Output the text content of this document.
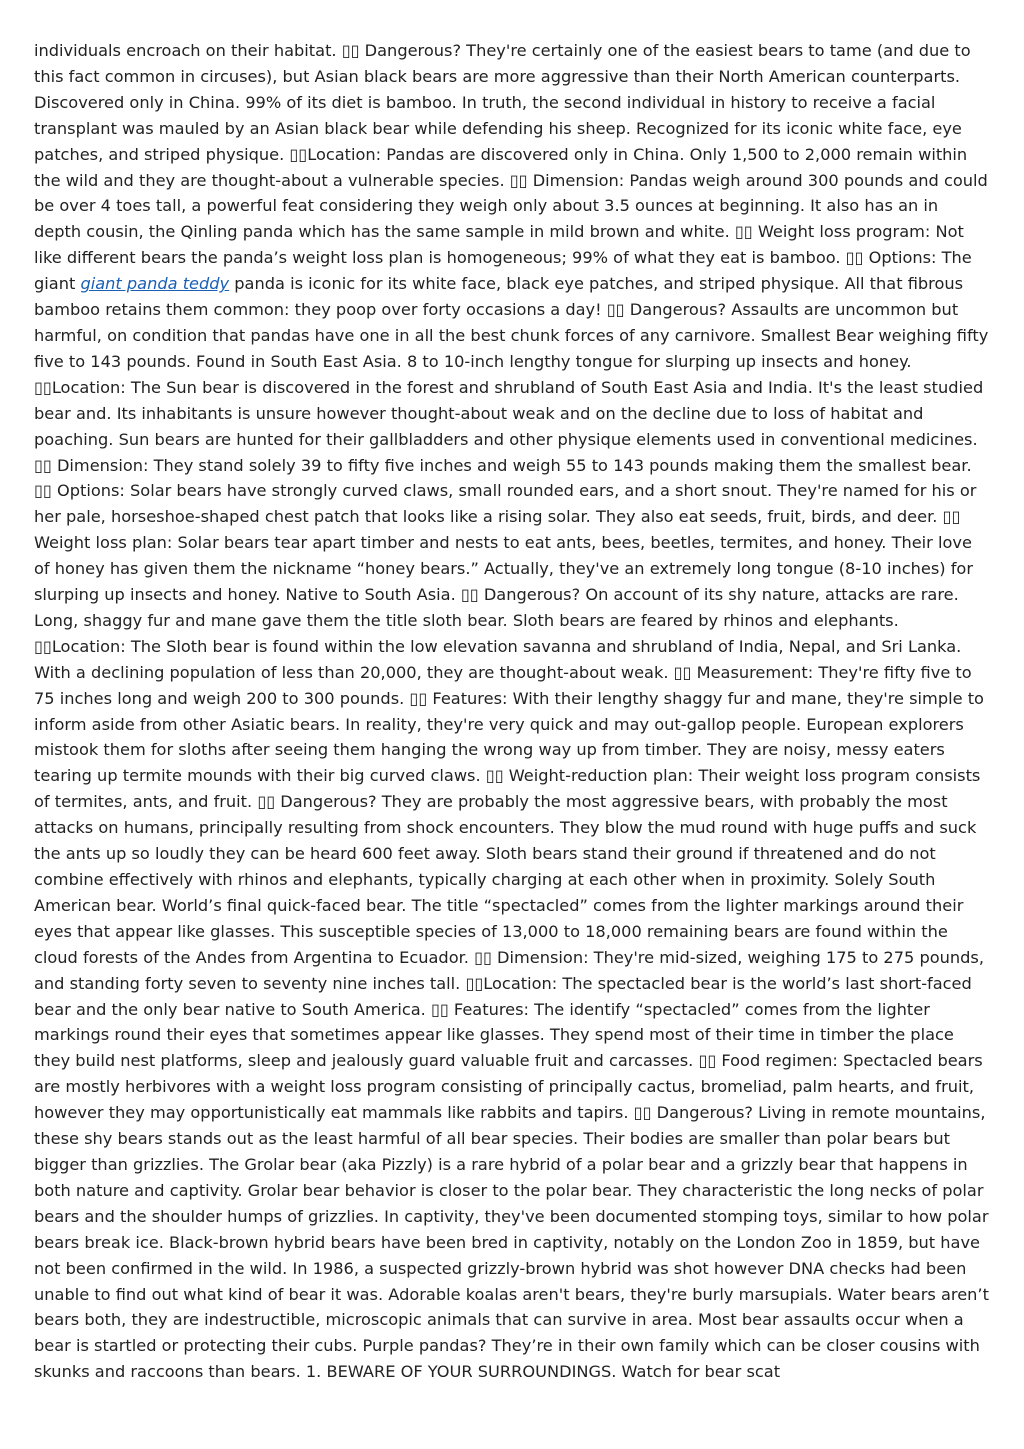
individuals encroach on their habitat. ▯▯ Dangerous? They're certainly one of the easiest bears to tame (and due to this fact common in circuses), but Asian black bears are more aggressive than their North American counterparts. Discovered only in China. 99% of its diet is bamboo. In truth, the second individual in history to receive a facial transplant was mauled by an Asian black bear while defending his sheep. Recognized for its iconic white face, eye patches, and striped physique. ▯▯Location: Pandas are discovered only in China. Only 1,500 to 2,000 remain within the wild and they are thought-about a vulnerable species. ▯▯ Dimension: Pandas weigh around 300 pounds and could be over 4 toes tall, a powerful feat considering they weigh only about 3.5 ounces at beginning. It also has an in depth cousin, the Qinling panda which has the same sample in mild brown and white. ▯▯ Weight loss program: Not like different bears the panda’s weight loss plan is homogeneous; 99% of what they eat is bamboo. ▯▯ Options: The giant giant panda teddy panda is iconic for its white face, black eye patches, and striped physique. All that fibrous bamboo retains them common: they poop over forty occasions a day! ▯▯ Dangerous? Assaults are uncommon but harmful, on condition that pandas have one in all the best chunk forces of any carnivore. Smallest Bear weighing fifty five to 143 pounds. Found in South East Asia. 8 to 10-inch lengthy tongue for slurping up insects and honey. ▯▯Location: The Sun bear is discovered in the forest and shrubland of South East Asia and India. It's the least studied bear and. Its inhabitants is unsure however thought-about weak and on the decline due to loss of habitat and poaching. Sun bears are hunted for their gallbladders and other physique elements used in conventional medicines. ▯▯ Dimension: They stand solely 39 to fifty five inches and weigh 55 to 143 pounds making them the smallest bear. ▯▯ Options: Solar bears have strongly curved claws, small rounded ears, and a short snout. They're named for his or her pale, horseshoe-shaped chest patch that looks like a rising solar. They also eat seeds, fruit, birds, and deer. ▯▯ Weight loss plan: Solar bears tear apart timber and nests to eat ants, bees, beetles, termites, and honey. Their love of honey has given them the nickname “honey bears.” Actually, they've an extremely long tongue (8-10 inches) for slurping up insects and honey. Native to South Asia. ▯▯ Dangerous? On account of its shy nature, attacks are rare. Long, shaggy fur and mane gave them the title sloth bear. Sloth bears are feared by rhinos and elephants. ▯▯Location: The Sloth bear is found within the low elevation savanna and shrubland of India, Nepal, and Sri Lanka. With a declining population of less than 20,000, they are thought-about weak. ▯▯ Measurement: They're fifty five to 75 inches long and weigh 200 to 300 pounds. ▯▯ Features: With their lengthy shaggy fur and mane, they're simple to inform aside from other Asiatic bears. In reality, they're very quick and may out-gallop people. European explorers mistook them for sloths after seeing them hanging the wrong way up from timber. They are noisy, messy eaters tearing up termite mounds with their big curved claws. ▯▯ Weight-reduction plan: Their weight loss program consists of termites, ants, and fruit. ▯▯ Dangerous? They are probably the most aggressive bears, with probably the most attacks on humans, principally resulting from shock encounters. They blow the mud round with huge puffs and suck the ants up so loudly they can be heard 600 feet away. Sloth bears stand their ground if threatened and do not combine effectively with rhinos and elephants, typically charging at each other when in proximity. Solely South American bear. World’s final quick-faced bear. The title “spectacled” comes from the lighter markings around their eyes that appear like glasses. This susceptible species of 13,000 to 18,000 remaining bears are found within the cloud forests of the Andes from Argentina to Ecuador. ▯▯ Dimension: They're mid-sized, weighing 175 to 275 pounds, and standing forty seven to seventy nine inches tall. ▯▯Location: The spectacled bear is the world’s last short-faced bear and the only bear native to South America. ▯▯ Features: The identify “spectacled” comes from the lighter markings round their eyes that sometimes appear like glasses. They spend most of their time in timber the place they build nest platforms, sleep and jealously guard valuable fruit and carcasses. ▯▯ Food regimen: Spectacled bears are mostly herbivores with a weight loss program consisting of principally cactus, bromeliad, palm hearts, and fruit, however they may opportunistically eat mammals like rabbits and tapirs. ▯▯ Dangerous? Living in remote mountains, these shy bears stands out as the least harmful of all bear species. Their bodies are smaller than polar bears but bigger than grizzlies. The Grolar bear (aka Pizzly) is a rare hybrid of a polar bear and a grizzly bear that happens in both nature and captivity. Grolar bear behavior is closer to the polar bear. They characteristic the long necks of polar bears and the shoulder humps of grizzlies. In captivity, they've been documented stomping toys, similar to how polar bears break ice. Black-brown hybrid bears have been bred in captivity, notably on the London Zoo in 1859, but have not been confirmed in the wild. In 1986, a suspected grizzly-brown hybrid was shot however DNA checks had been unable to find out what kind of bear it was. Adorable koalas aren't bears, they're burly marsupials. Water bears aren’t bears both, they are indestructible, microscopic animals that can survive in area. Most bear assaults occur when a bear is startled or protecting their cubs. Purple pandas? They’re in their own family which can be closer cousins with skunks and raccoons than bears. 1. BEWARE OF YOUR SURROUNDINGS. Watch for bear scat
